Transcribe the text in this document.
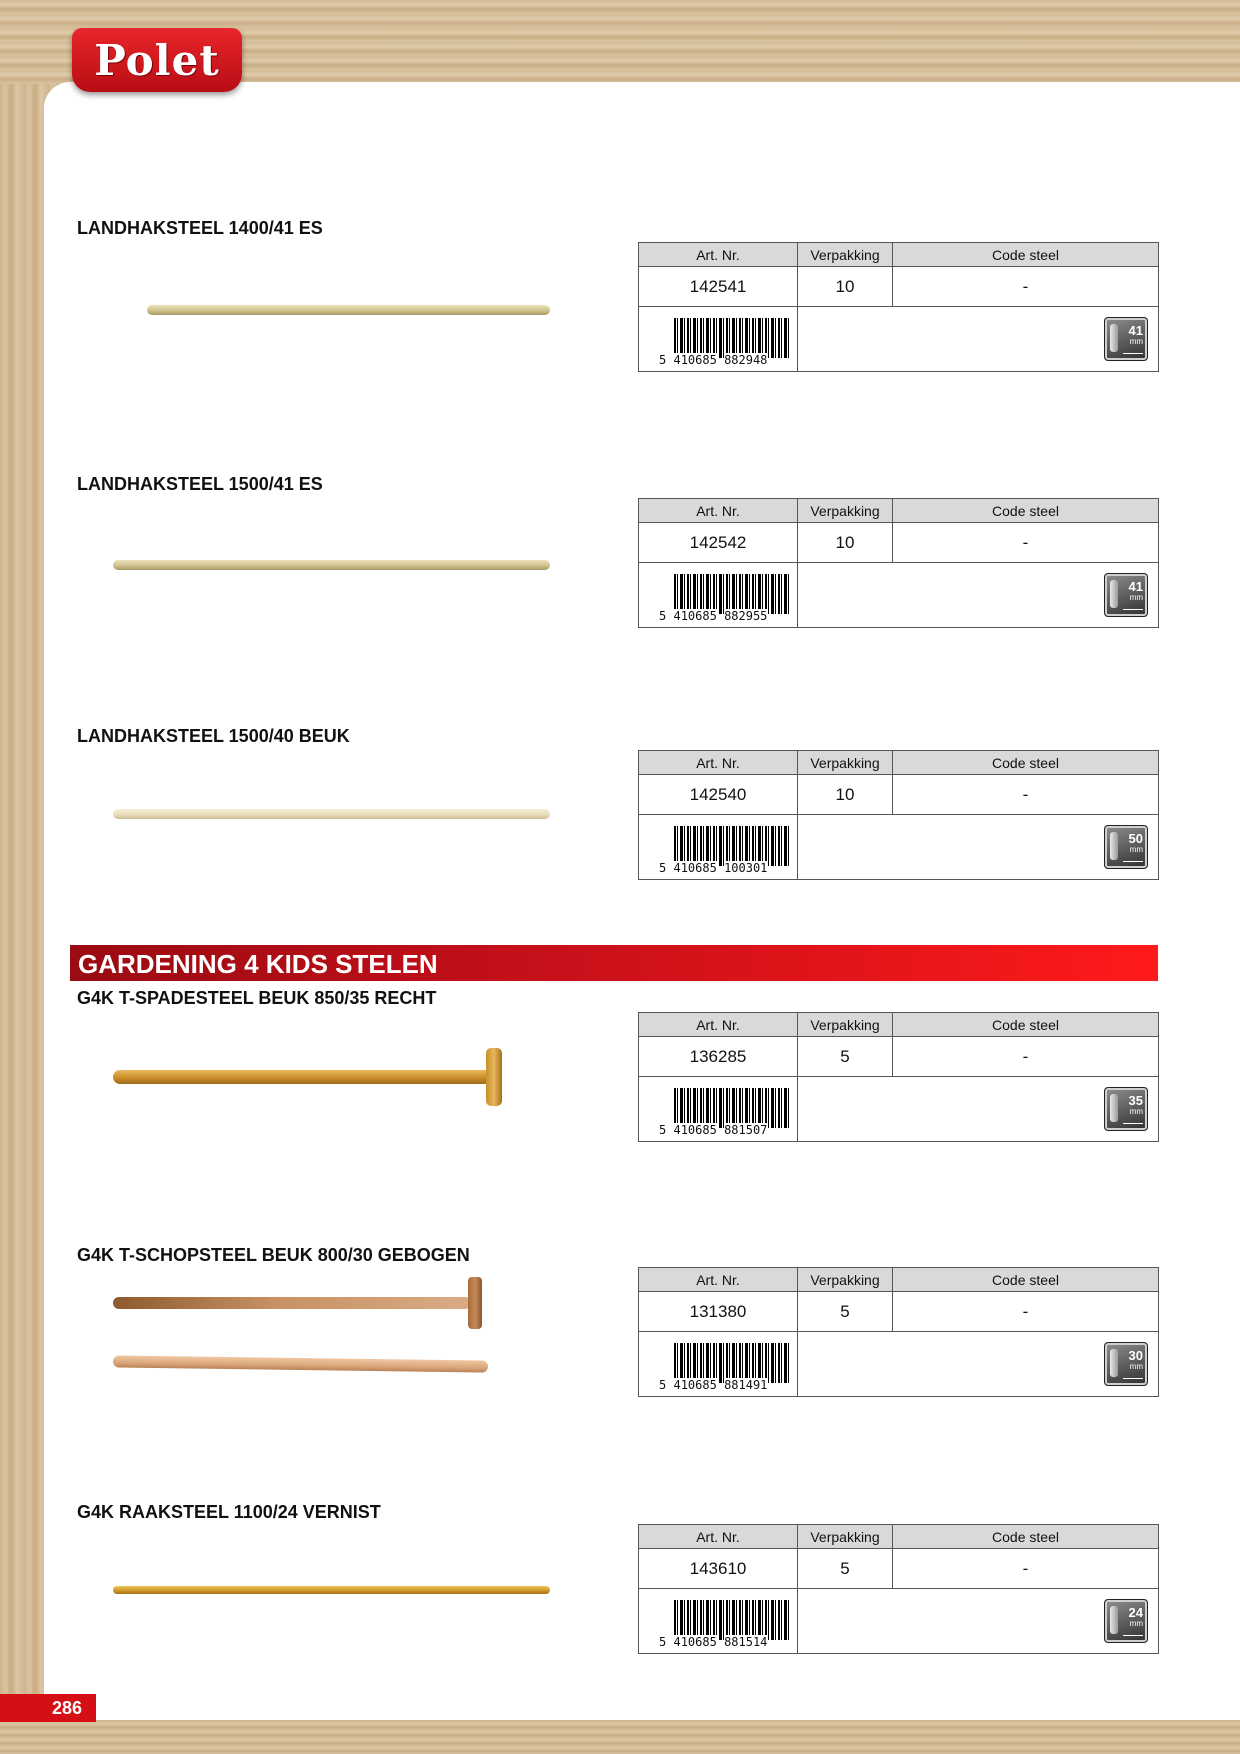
Polet
LANDHAKSTEEL 1400/41 ES
Art. Nr.	Verpakking	Code steel
142541	10	-

5 410685 882948	41
mm	
LANDHAKSTEEL 1500/41 ES
Art. Nr.	Verpakking	Code steel
142542	10	-

5 410685 882955	41
mm	
LANDHAKSTEEL 1500/40 BEUK
Art. Nr.	Verpakking	Code steel
142540	10	-

5 410685 100301	50
mm	
GARDENING 4 KIDS STELEN
G4K T-SPADESTEEL BEUK 850/35 RECHT
Art. Nr.	Verpakking	Code steel
136285	5	-

5 410685 881507	35
mm	
G4K T-SCHOPSTEEL BEUK 800/30 GEBOGEN
Art. Nr.	Verpakking	Code steel
131380	5	-

5 410685 881491	30
mm	
G4K RAAKSTEEL 1100/24 VERNIST
Art. Nr.	Verpakking	Code steel
143610	5	-

5 410685 881514	24
mm	
286
